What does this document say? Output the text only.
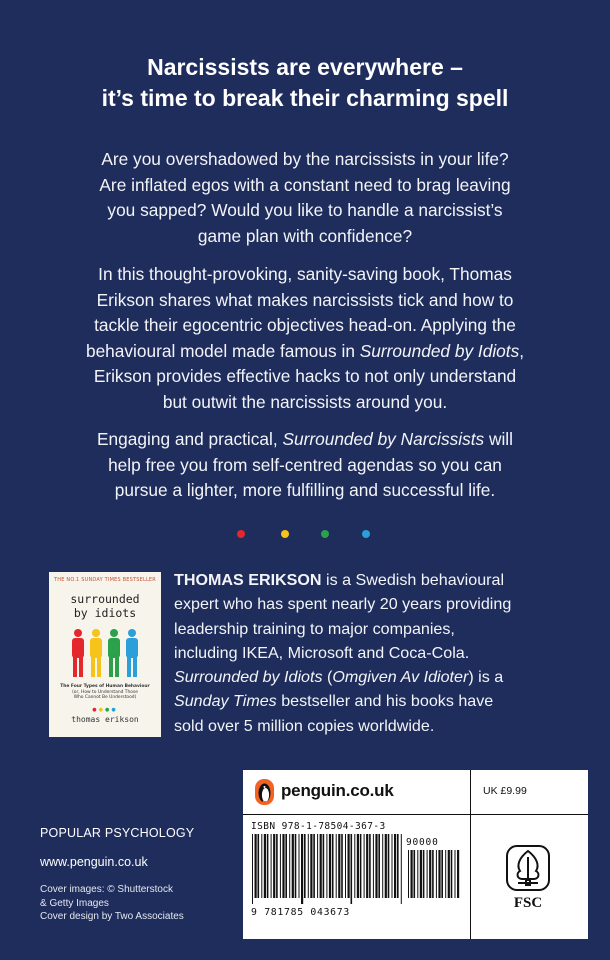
Narcissists are everywhere –
it’s time to break their charming spell
Are you overshadowed by the narcissists in your life?
Are inflated egos with a constant need to brag leaving
you sapped? Would you like to handle a narcissist’s
game plan with confidence?
In this thought-provoking, sanity-saving book, Thomas
Erikson shares what makes narcissists tick and how to
tackle their egocentric objectives head-on. Applying the
behavioural model made famous in Surrounded by Idiots,
Erikson provides effective hacks to not only understand
but outwit the narcissists around you.
Engaging and practical, Surrounded by Narcissists will
help free you from self-centred agendas so you can
pursue a lighter, more fulfilling and successful life.
THE NO.1 SUNDAY TIMES BESTSELLER
surrounded
by idiots
The Four Types of Human Behaviour
(or, How to Understand Those
Who Cannot Be Understood)
●●●●
thomas erikson
THOMAS ERIKSON is a Swedish behavioural
expert who has spent nearly 20 years providing
leadership training to major companies,
including IKEA, Microsoft and Coca-Cola.
Surrounded by Idiots (Omgiven Av Idioter) is a
Sunday Times bestseller and his books have
sold over 5 million copies worldwide.
penguin.co.uk	UK £9.99
ISBN 978-1-78504-367-3
90000
9 781785 043673
FSC
POPULAR PSYCHOLOGY
www.penguin.co.uk
Cover images: © Shutterstock
& Getty Images
Cover design by Two Associates
